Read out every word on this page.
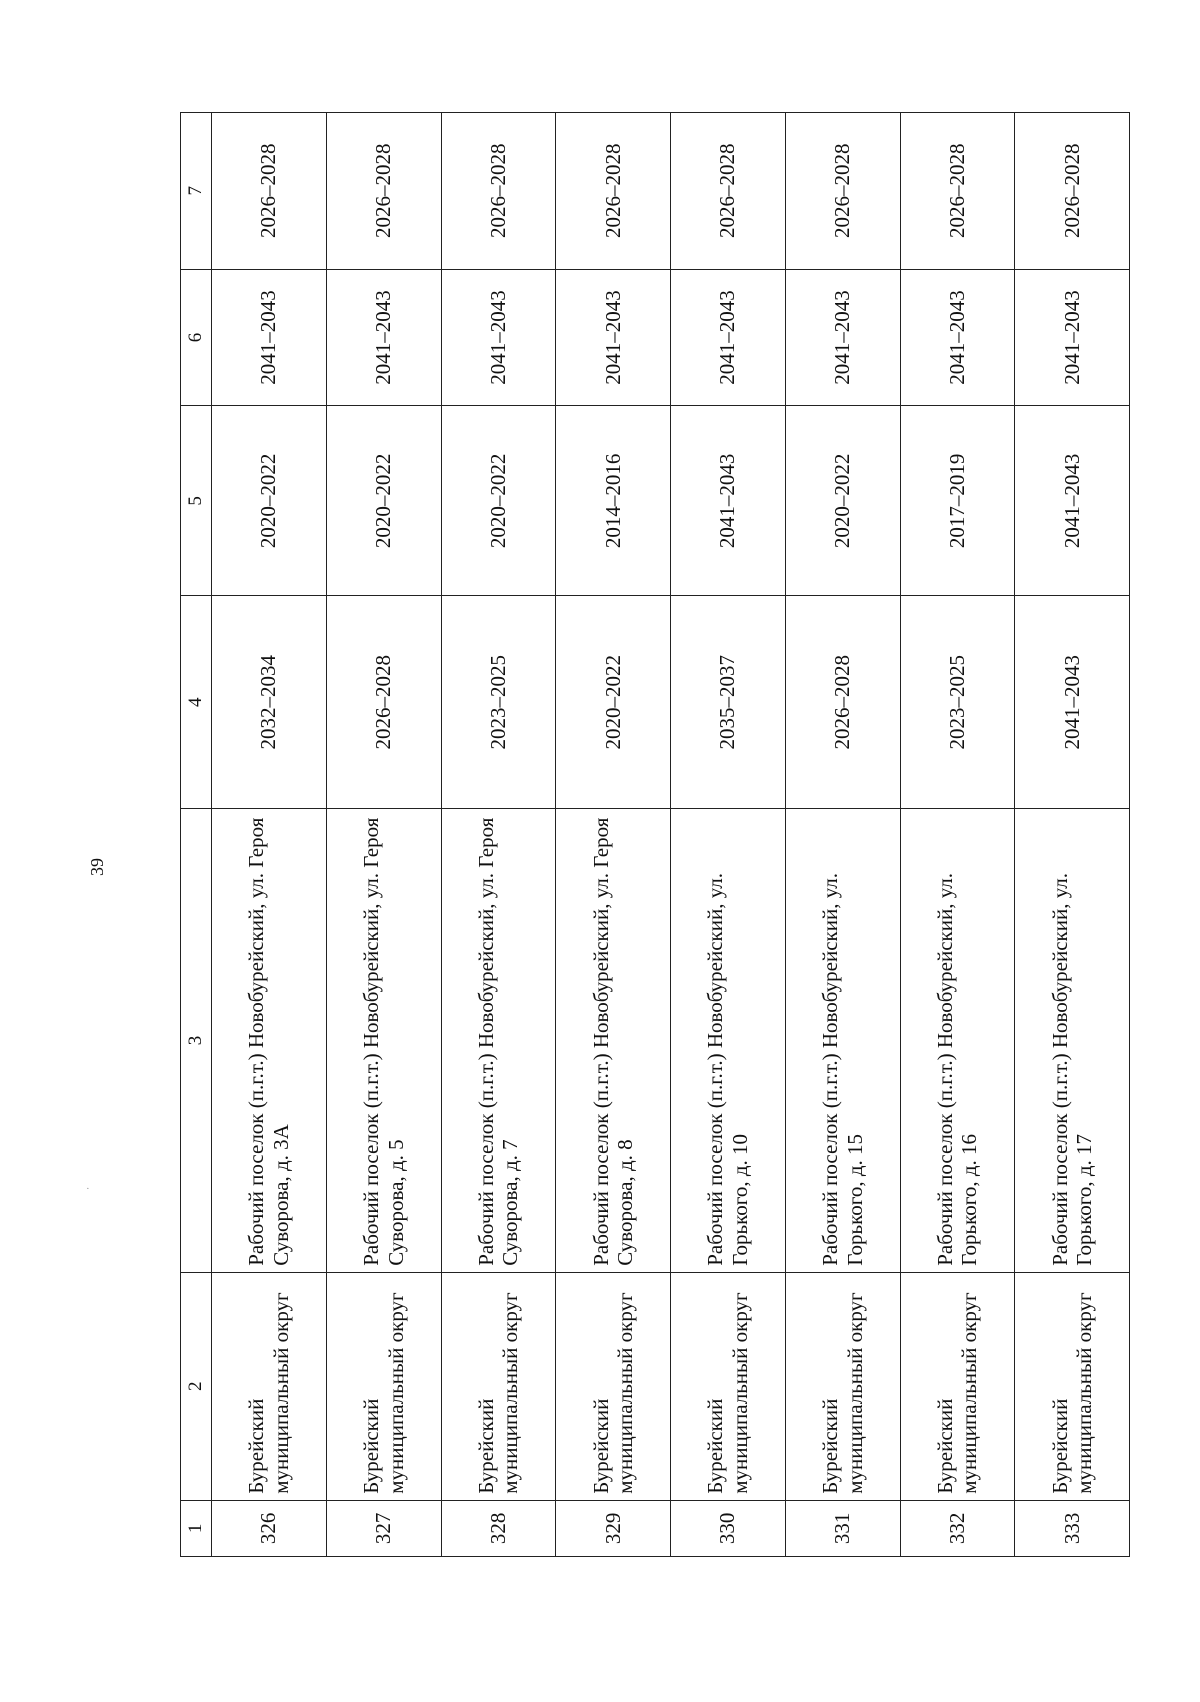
39
·
1	2	3	4	5	6	7
326	Бурейский муниципальный округ	Рабочий поселок (п.г.т.) Новобурейский, ул. Героя Суворова, д. 3А	2032–2034	2020–2022	2041–2043	2026–2028
327	Бурейский муниципальный округ	Рабочий поселок (п.г.т.) Новобурейский, ул. Героя Суворова, д. 5	2026–2028	2020–2022	2041–2043	2026–2028
328	Бурейский муниципальный округ	Рабочий поселок (п.г.т.) Новобурейский, ул. Героя Суворова, д. 7	2023–2025	2020–2022	2041–2043	2026–2028
329	Бурейский муниципальный округ	Рабочий поселок (п.г.т.) Новобурейский, ул. Героя Суворова, д. 8	2020–2022	2014–2016	2041–2043	2026–2028
330	Бурейский муниципальный округ	Рабочий поселок (п.г.т.) Новобурейский, ул. Горького, д. 10	2035–2037	2041–2043	2041–2043	2026–2028
331	Бурейский муниципальный округ	Рабочий поселок (п.г.т.) Новобурейский, ул. Горького, д. 15	2026–2028	2020–2022	2041–2043	2026–2028
332	Бурейский муниципальный округ	Рабочий поселок (п.г.т.) Новобурейский, ул. Горького, д. 16	2023–2025	2017–2019	2041–2043	2026–2028
333	Бурейский муниципальный округ	Рабочий поселок (п.г.т.) Новобурейский, ул. Горького, д. 17	2041–2043	2041–2043	2041–2043	2026–2028
